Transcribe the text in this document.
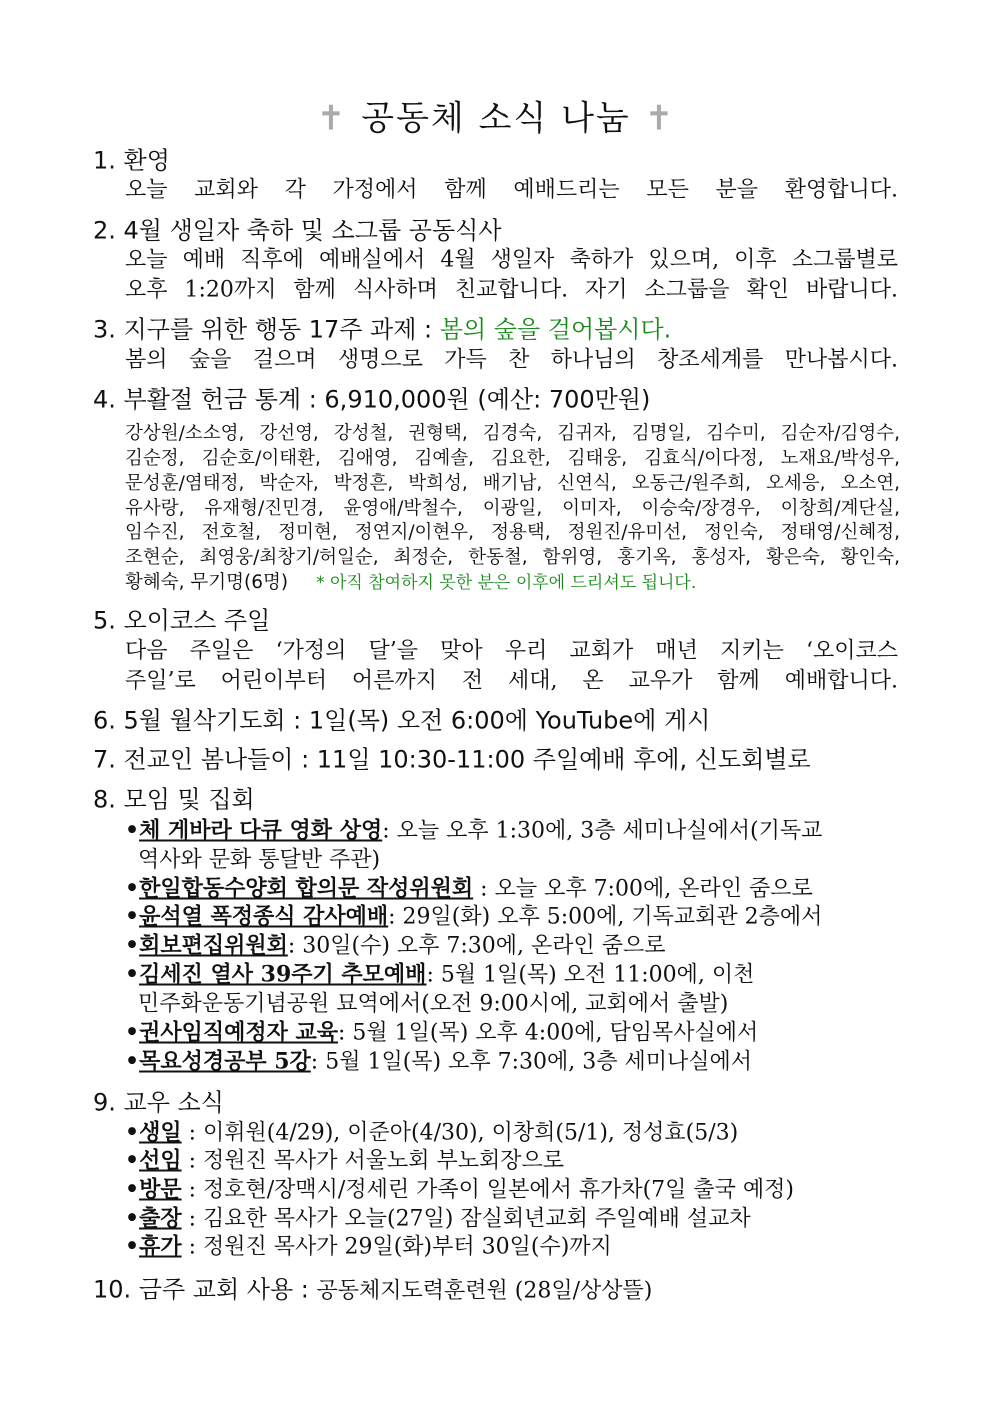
✝ 공동체 소식 나눔 ✝
1. 환영
오늘 교회와 각 가정에서 함께 예배드리는 모든 분을 환영합니다.
2. 4월 생일자 축하 및 소그룹 공동식사
오늘 예배 직후에 예배실에서 4월 생일자 축하가 있으며, 이후 소그룹별로
오후 1:20까지 함께 식사하며 친교합니다. 자기 소그룹을 확인 바랍니다.
3. 지구를 위한 행동 17주 과제 : 봄의 숲을 걸어봅시다.
봄의 숲을 걸으며 생명으로 가득 찬 하나님의 창조세계를 만나봅시다.
4. 부활절 헌금 통계 : 6,910,000원 (예산: 700만원)
강상원/소소영, 강선영, 강성철, 권형택, 김경숙, 김귀자, 김명일, 김수미, 김순자/김영수,
김순정, 김순호/이태환, 김애영, 김예솔, 김요한, 김태웅, 김효식/이다정, 노재요/박성우,
문성훈/염태정, 박순자, 박정흔, 박희성, 배기남, 신연식, 오동근/원주희, 오세응, 오소연,
유사랑, 유재형/진민경, 윤영애/박철수, 이광일, 이미자, 이승숙/장경우, 이창희/계단실,
임수진, 전호철, 정미현, 정연지/이현우, 정용택, 정원진/유미선, 정인숙, 정태영/신혜정,
조현순, 최영웅/최창기/허일순, 최정순, 한동철, 함위영, 홍기옥, 홍성자, 황은숙, 황인숙,
황혜숙, 무기명(6명) * 아직 참여하지 못한 분은 이후에 드리셔도 됩니다.
5. 오이코스 주일
다음 주일은 ‘가정의 달’을 맞아 우리 교회가 매년 지키는 ‘오이코스
주일’로 어린이부터 어른까지 전 세대, 온 교우가 함께 예배합니다.
6. 5월 월삭기도회 : 1일(목) 오전 6:00에 YouTube에 게시
7. 전교인 봄나들이 : 11일 10:30-11:00 주일예배 후에, 신도회별로
8. 모임 및 집회
•체 게바라 다큐 영화 상영: 오늘 오후 1:30에, 3층 세미나실에서(기독교
역사와 문화 통달반 주관)
•한일합동수양회 합의문 작성위원회 : 오늘 오후 7:00에, 온라인 줌으로
•윤석열 폭정종식 감사예배: 29일(화) 오후 5:00에, 기독교회관 2층에서
•회보편집위원회: 30일(수) 오후 7:30에, 온라인 줌으로
•김세진 열사 39주기 추모예배: 5월 1일(목) 오전 11:00에, 이천
민주화운동기념공원 묘역에서(오전 9:00시에, 교회에서 출발)
•권사임직예정자 교육: 5월 1일(목) 오후 4:00에, 담임목사실에서
•목요성경공부 5강: 5월 1일(목) 오후 7:30에, 3층 세미나실에서
9. 교우 소식
•생일 : 이휘원(4/29), 이준아(4/30), 이창희(5/1), 정성효(5/3)
•선임 : 정원진 목사가 서울노회 부노회장으로
•방문 : 정호현/장맥시/정세린 가족이 일본에서 휴가차(7일 출국 예정)
•출장 : 김요한 목사가 오늘(27일) 잠실회년교회 주일예배 설교차
•휴가 : 정원진 목사가 29일(화)부터 30일(수)까지
10. 금주 교회 사용 : 공동체지도력훈련원 (28일/상상뜰)
